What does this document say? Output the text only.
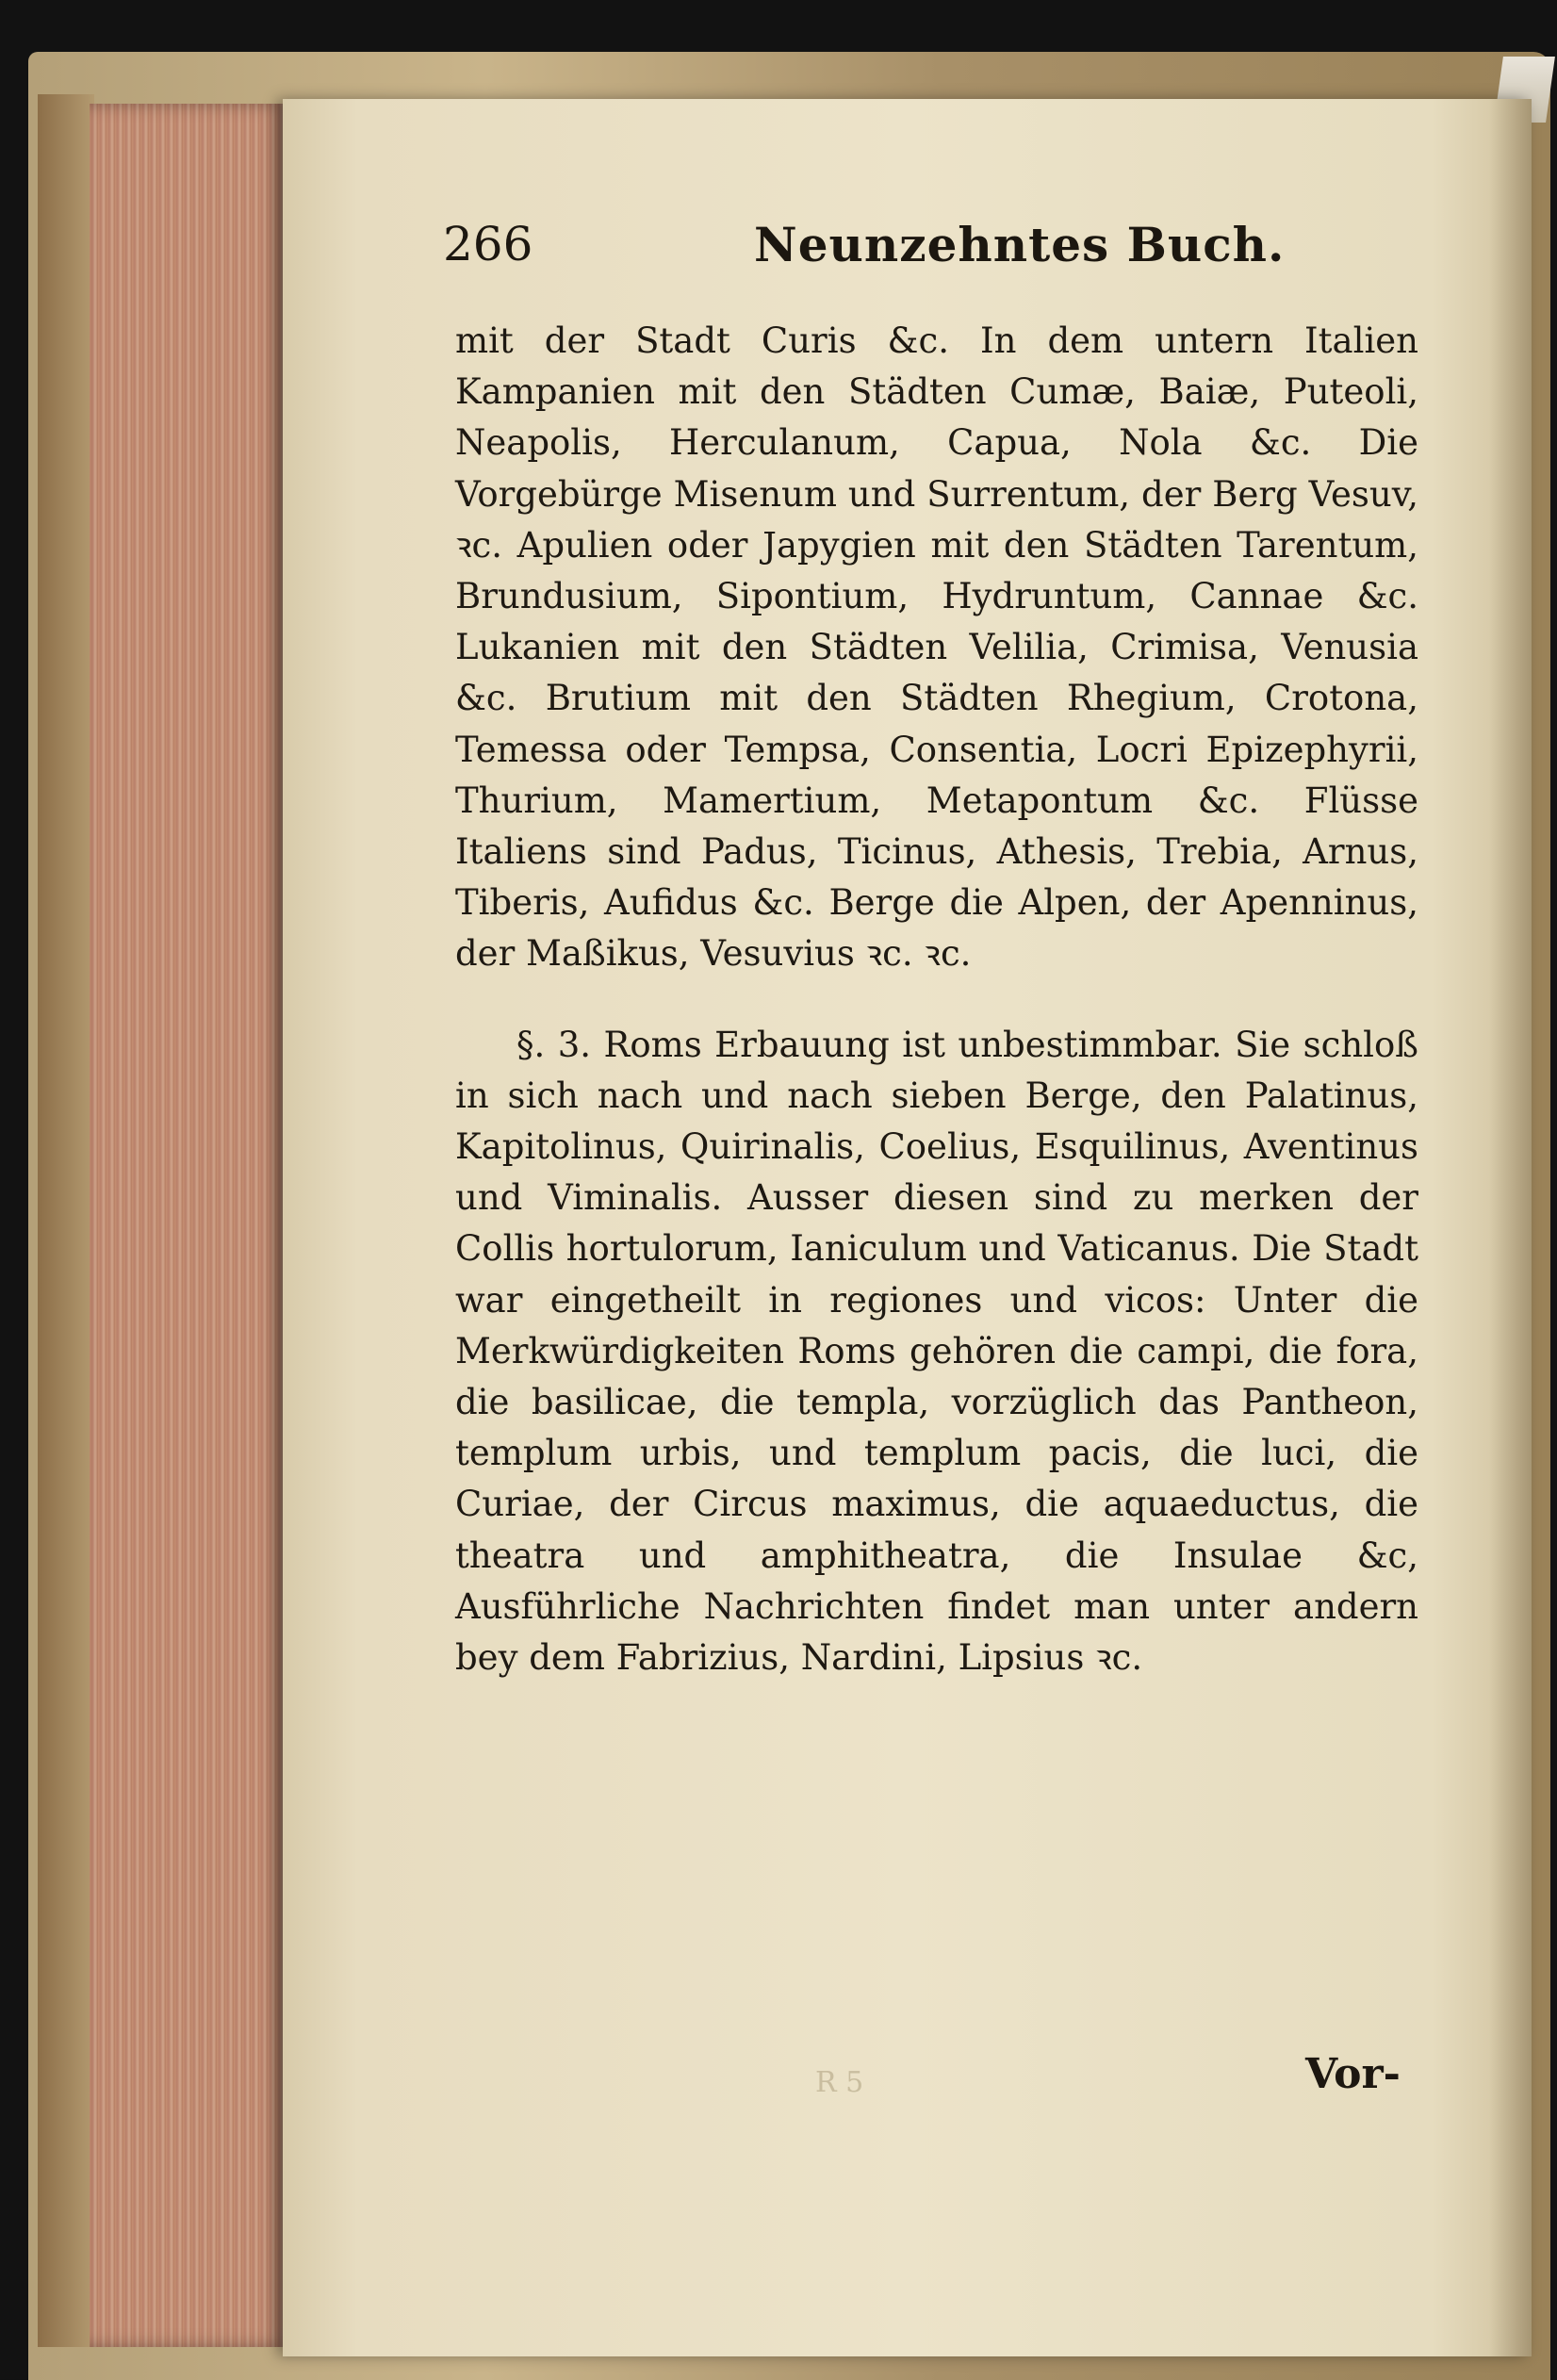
266	Neunzehntes Buch.

mit der Stadt Curis &c. In dem untern Italien Kampanien mit den Städten Cumæ, Baiæ, Puteoli, Neapolis, Herculanum, Capua, Nola &c. Die Vorgebürge Misenum und Surrentum, der Berg Vesuv, ꝛc. Apulien oder Japygien mit den Städten Tarentum, Brundusium, Sipontium, Hydruntum, Cannae &c. Lukanien mit den Städten Velilia, Crimisa, Venusia &c. Brutium mit den Städten Rhegium, Crotona, Temessa oder Tempsa, Consentia, Locri Epizephyrii, Thurium, Mamertium, Metapontum &c. Flüsse Italiens sind Padus, Ticinus, Athesis, Trebia, Arnus, Tiberis, Aufidus &c. Berge die Alpen, der Apenninus, der Maßikus, Vesuvius ꝛc. ꝛc.

§. 3. Roms Erbauung ist unbestimmbar. Sie schloß in sich nach und nach sieben Berge, den Palatinus, Kapitolinus, Quirinalis, Coelius, Esquilinus, Aventinus und Viminalis. Ausser diesen sind zu merken der Collis hortulorum, Ianiculum und Vaticanus. Die Stadt war eingetheilt in regiones und vicos: Unter die Merkwürdigkeiten Roms gehören die campi, die fora, die basilicae, die templa, vorzüglich das Pantheon, templum urbis, und templum pacis, die luci, die Curiae, der Circus maximus, die aquaeductus, die theatra und amphitheatra, die Insulae &c, Ausführliche Nachrichten findet man unter andern bey dem Fabrizius, Nardini, Lipsius ꝛc.

R 5	Vor-
